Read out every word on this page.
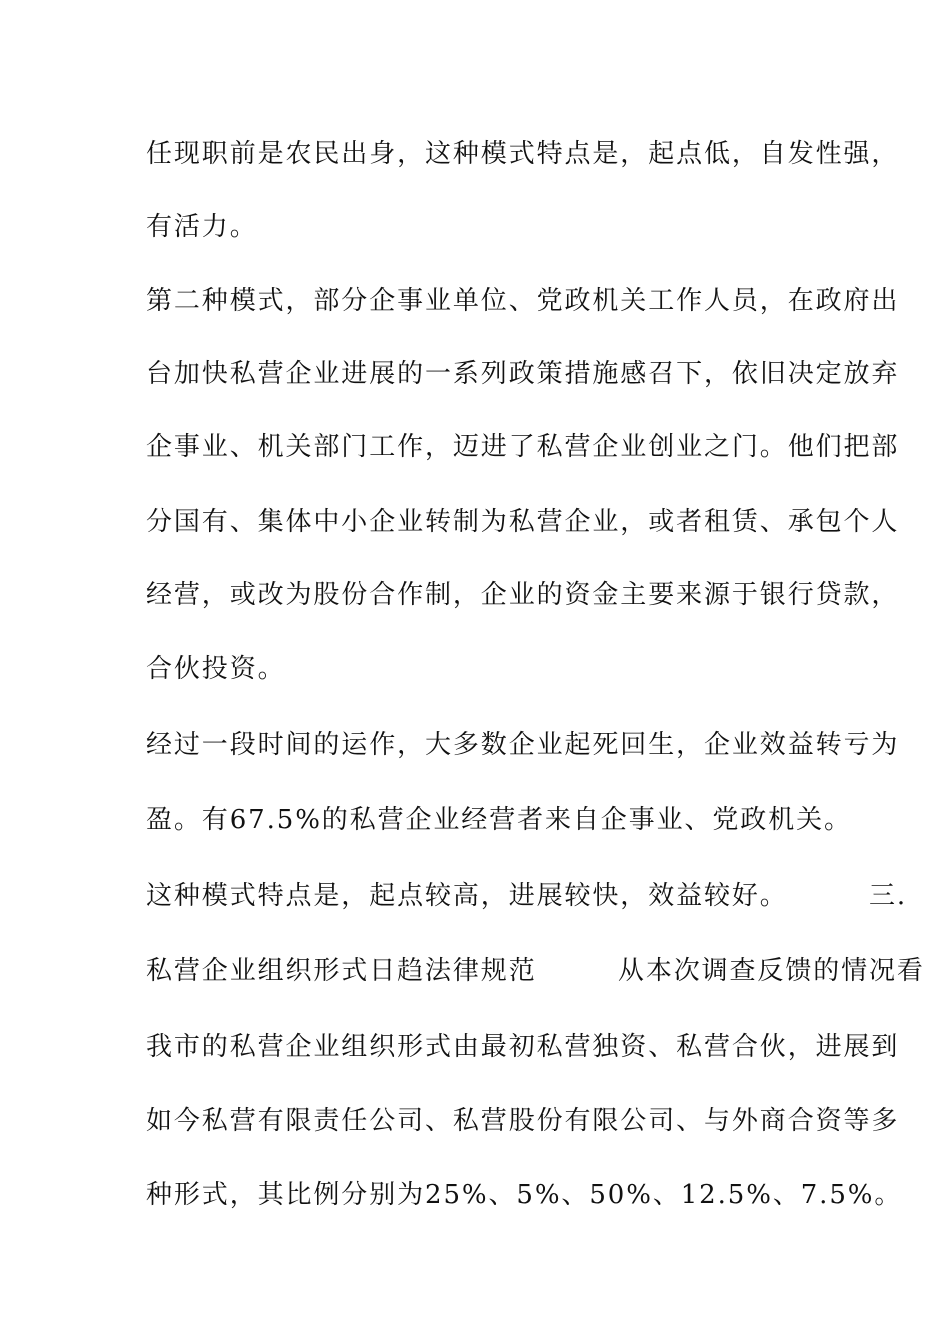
任现职前是农民出身，这种模式特点是，起点低，自发性强，
有活力。
第二种模式，部分企事业单位、党政机关工作人员，在政府出
台加快私营企业进展的一系列政策措施感召下，依旧决定放弃
企事业、机关部门工作，迈进了私营企业创业之门。他们把部
分国有、集体中小企业转制为私营企业，或者租赁、承包个人
经营，或改为股份合作制，企业的资金主要来源于银行贷款，
合伙投资。
经过一段时间的运作，大多数企业起死回生，企业效益转亏为
盈。有67.5%的私营企业经营者来自企事业、党政机关。
这种模式特点是，起点较高，进展较快，效益较好。        三.
私营企业组织形式日趋法律规范        从本次调查反馈的情况看
我市的私营企业组织形式由最初私营独资、私营合伙，进展到
如今私营有限责任公司、私营股份有限公司、与外商合资等多
种形式，其比例分别为25%、5%、50%、12.5%、7.5%。
